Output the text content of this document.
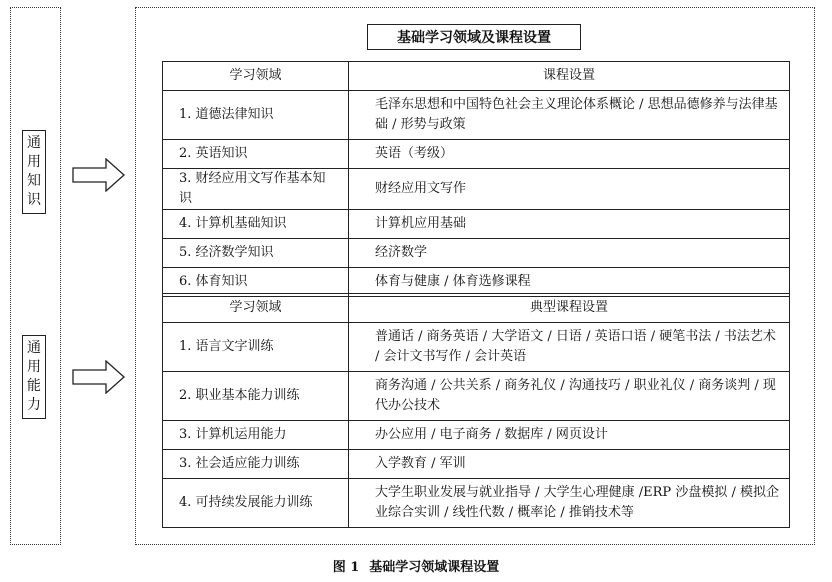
通
用
知
识
通
用
能
力
基础学习领域及课程设置
学习领域	课程设置
1. 道德法律知识	毛泽东思想和中国特色社会主义理论体系概论 / 思想品德修养与法律基础 / 形势与政策
2. 英语知识	英语（考级）
3. 财经应用文写作基本知识	财经应用文写作
4. 计算机基础知识	计算机应用基础
5. 经济数学知识	经济数学
6. 体育知识	体育与健康 / 体育选修课程
学习领域	典型课程设置
1. 语言文字训练	普通话 / 商务英语 / 大学语文 / 日语 / 英语口语 / 硬笔书法 / 书法艺术 / 会计文书写作 / 会计英语
2. 职业基本能力训练	商务沟通 / 公共关系 / 商务礼仪 / 沟通技巧 / 职业礼仪 / 商务谈判 / 现代办公技术
3. 计算机运用能力	办公应用 / 电子商务 / 数据库 / 网页设计
3. 社会适应能力训练	入学教育 / 军训
4. 可持续发展能力训练	大学生职业发展与就业指导 / 大学生心理健康 /ERP 沙盘模拟 / 模拟企业综合实训 / 线性代数 / 概率论 / 推销技术等
图 1 基础学习领域课程设置
